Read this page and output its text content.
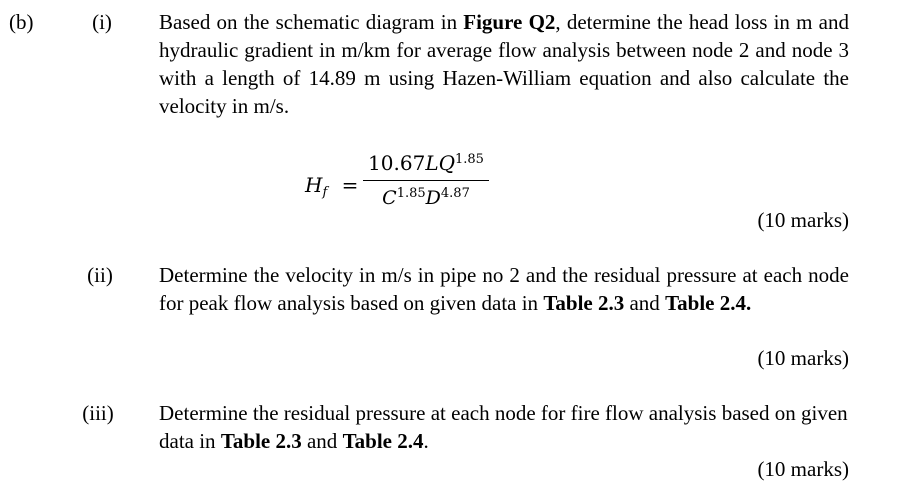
(b)	(i)	Based on the schematic diagram in Figure Q2, determine the head loss in m and hydraulic gradient in m/km for average flow analysis between node 2 and node 3 with a length of 14.89 m using Hazen-William equation and also calculate the velocity in m/s.
$H_f = \frac{10.67LQ^{1.85}}{C^{1.85}D^{4.87}}$
(10 marks)
(ii)	Determine the velocity in m/s in pipe no 2 and the residual pressure at each node for peak flow analysis based on given data in Table 2.3 and Table 2.4.
(10 marks)
(iii)	Determine the residual pressure at each node for fire flow analysis based on given data in Table 2.3 and Table 2.4.
(10 marks)
